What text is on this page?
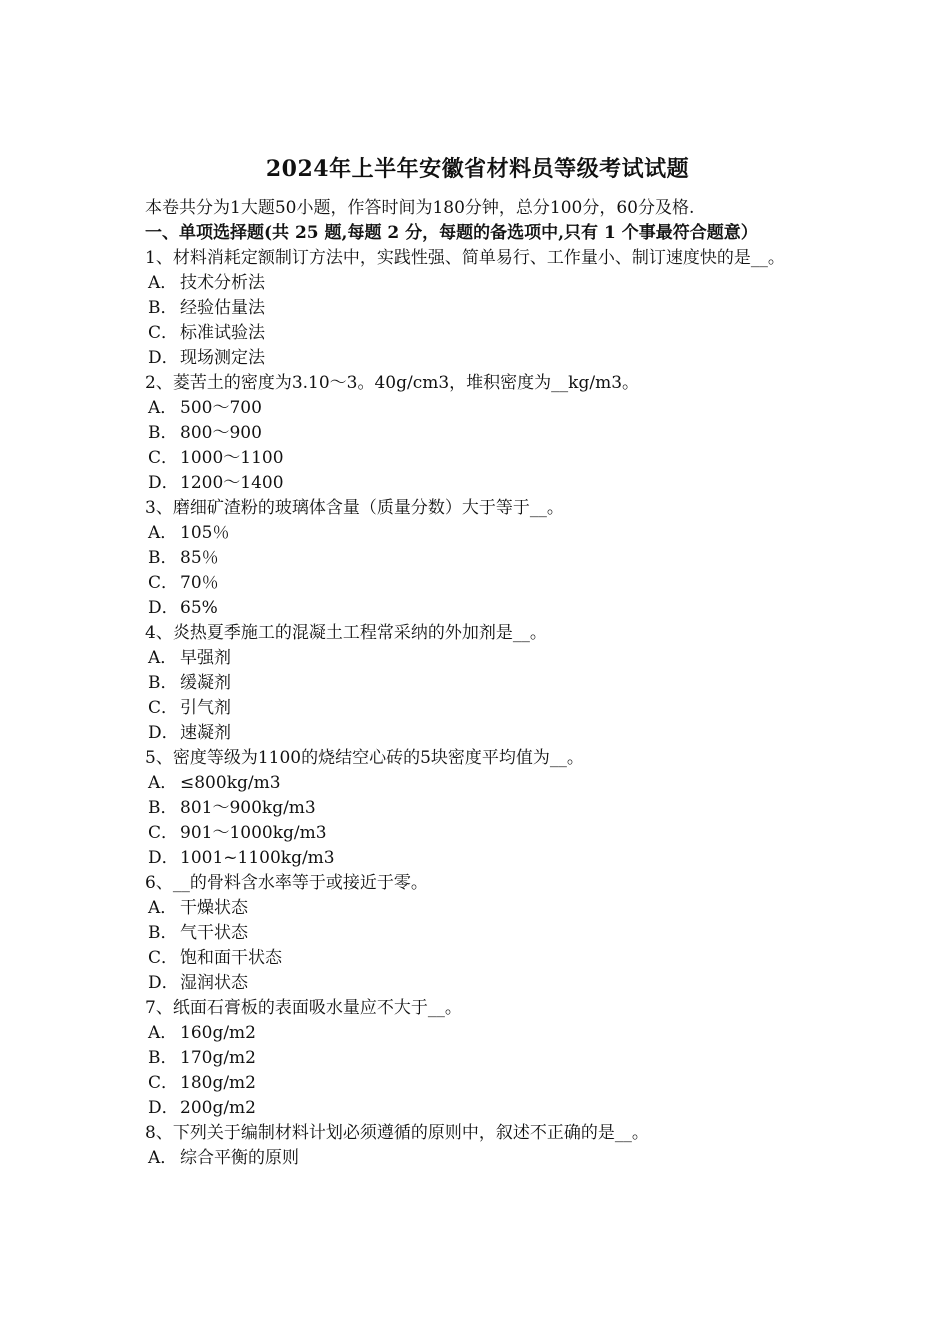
2024年上半年安徽省材料员等级考试试题
本卷共分为1大题50小题，作答时间为180分钟，总分100分，60分及格.
一、单项选择题(共 25 题,每题 2 分，每题的备选项中,只有 1 个事最符合题意）
1、材料消耗定额制订方法中，实践性强、简单易行、工作量小、制订速度快的是__。
A． 技术分析法
B． 经验估量法
C． 标准试验法
D．现场测定法
2、菱苦土的密度为3.10～3。40g/cm3，堆积密度为__kg/m3。
A． 500～700
B． 800～900
C． 1000～1100
D．1200～1400
3、磨细矿渣粉的玻璃体含量（质量分数）大于等于__。
A． 105％
B． 85％
C． 70％
D．65%
4、炎热夏季施工的混凝土工程常采纳的外加剂是__。
A． 早强剂
B． 缓凝剂
C． 引气剂
D．速凝剂
5、密度等级为1100的烧结空心砖的5块密度平均值为__。
A． ≤800kg/m3
B． 801～900kg/m3
C． 901～1000kg/m3
D．1001~1100kg/m3
6、__的骨料含水率等于或接近于零。
A． 干燥状态
B． 气干状态
C． 饱和面干状态
D．湿润状态
7、纸面石膏板的表面吸水量应不大于__。
A． 160g/m2
B． 170g/m2
C． 180g/m2
D．200g/m2
8、下列关于编制材料计划必须遵循的原则中，叙述不正确的是__。
A． 综合平衡的原则
